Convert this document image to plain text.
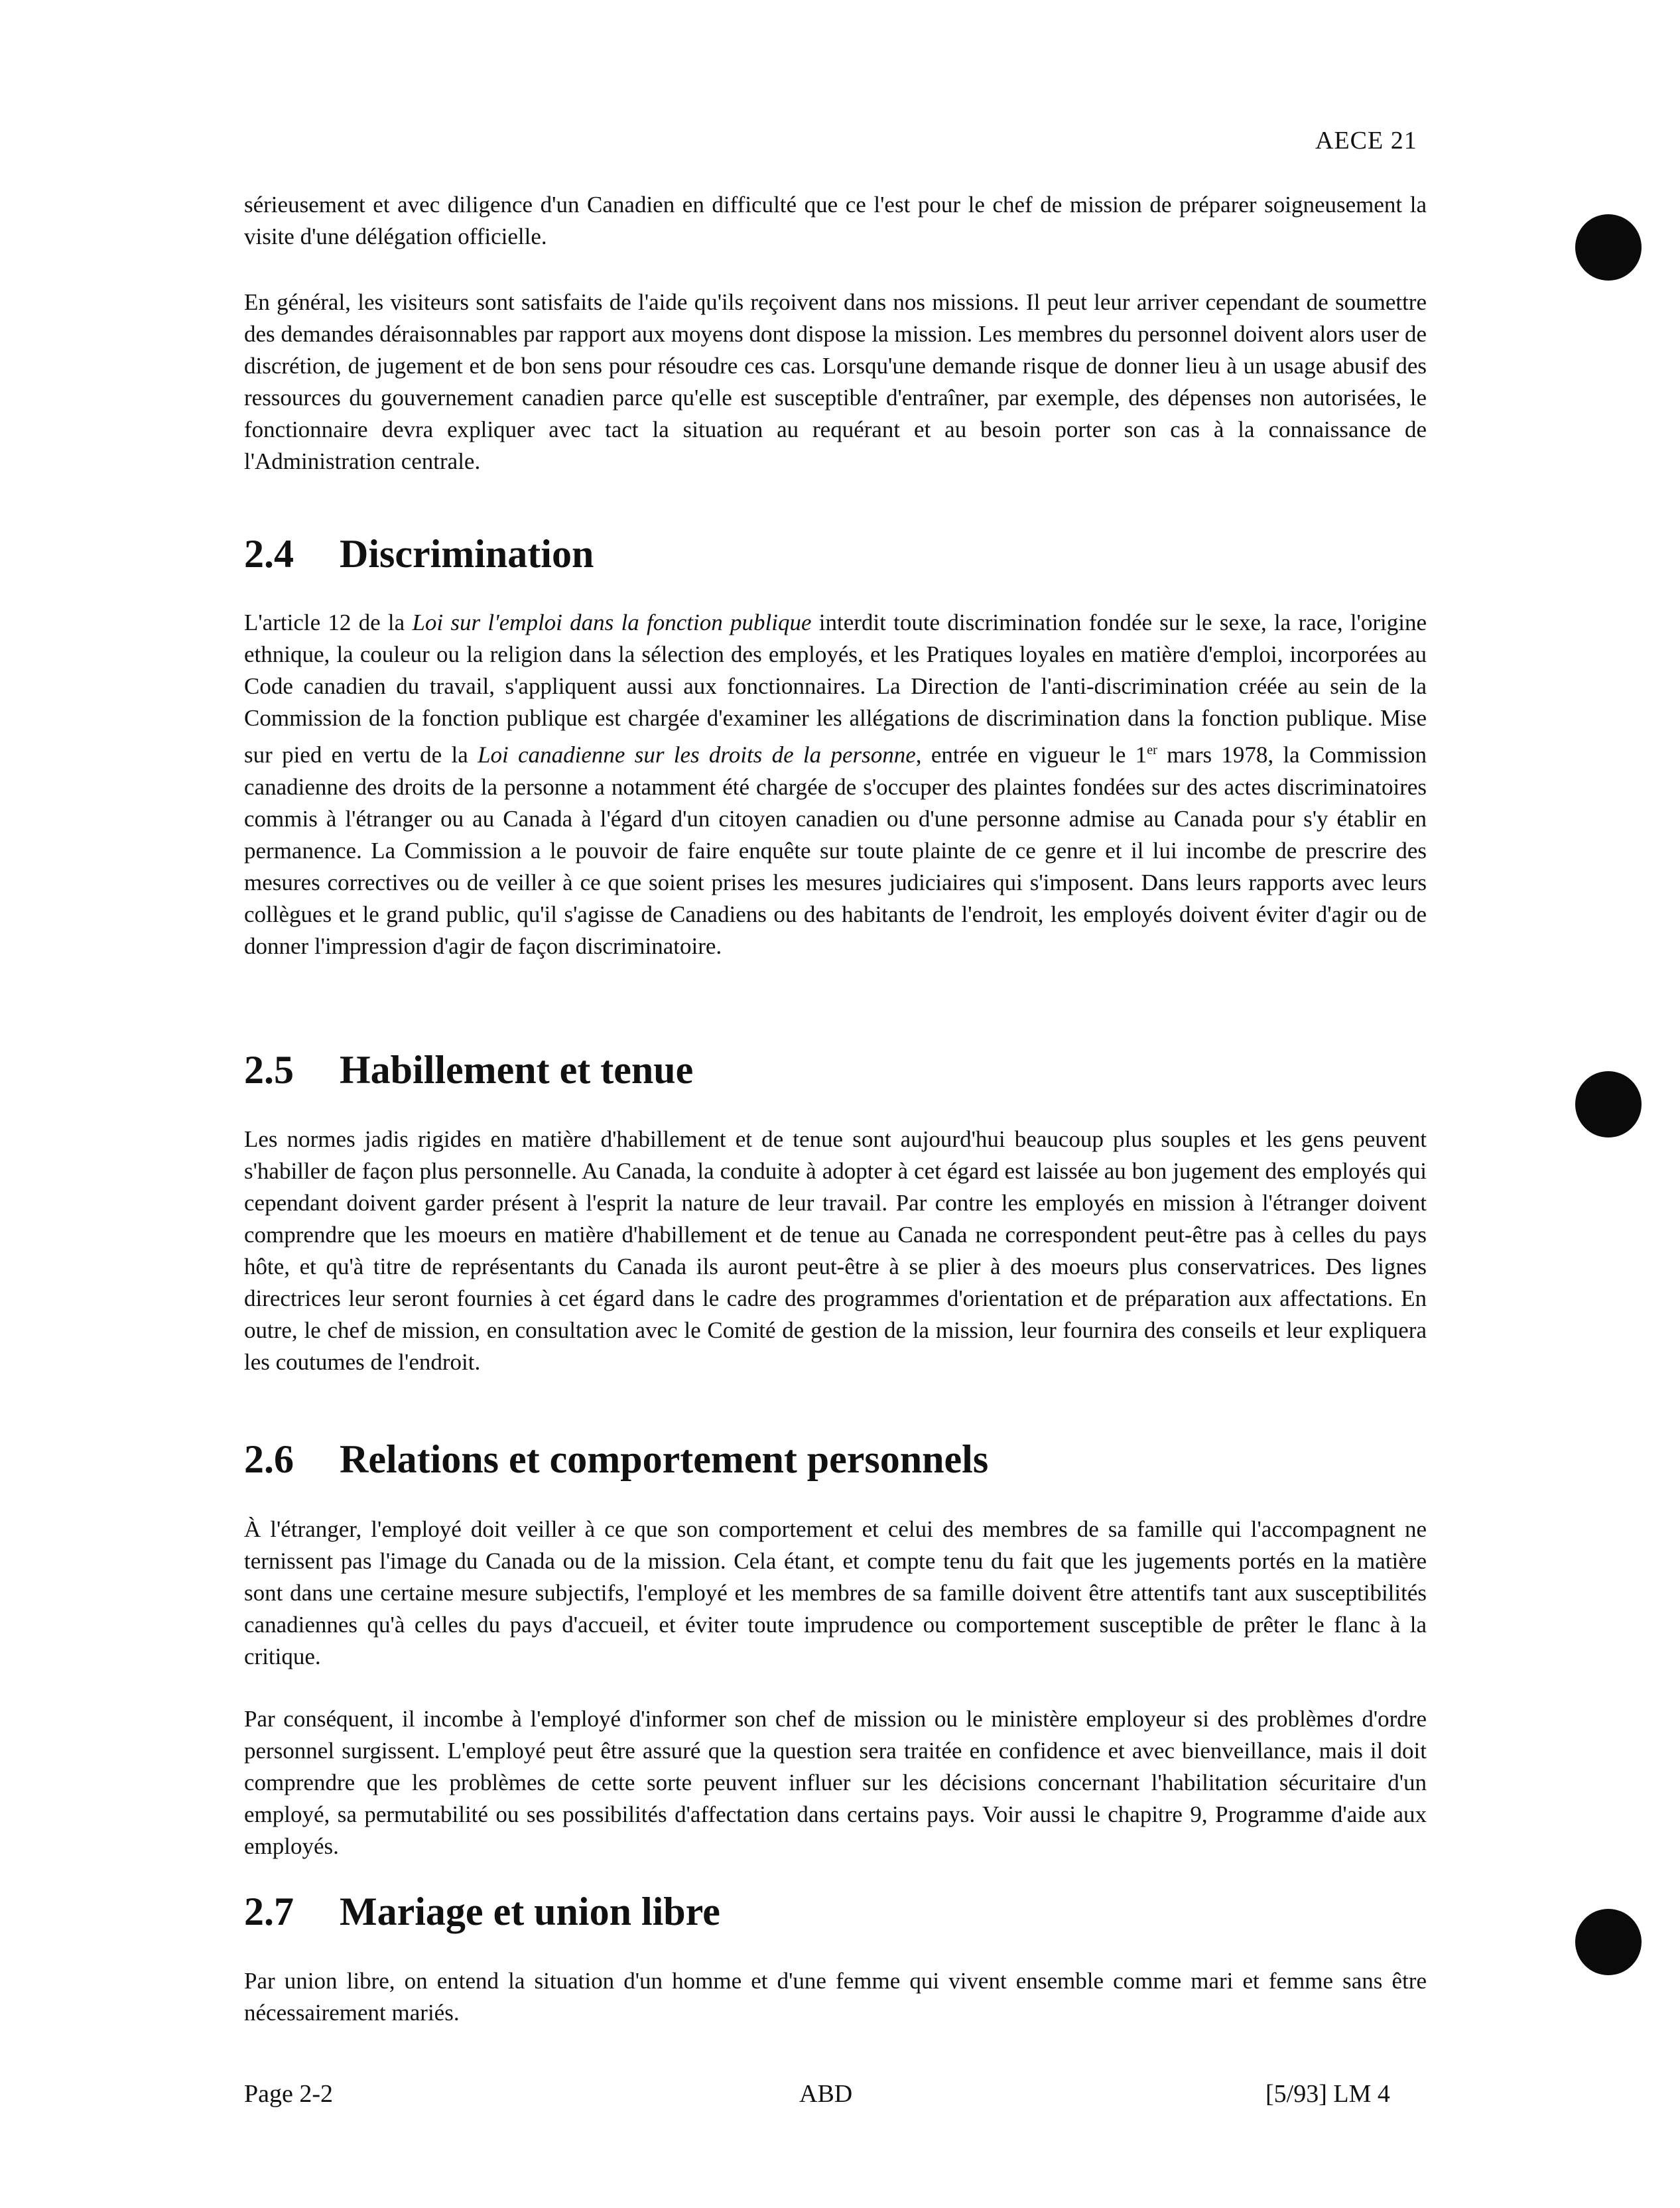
AECE 21

sérieusement et avec diligence d'un Canadien en difficulté que ce l'est pour le chef de mission de préparer soigneusement la visite d'une délégation officielle.

En général, les visiteurs sont satisfaits de l'aide qu'ils reçoivent dans nos missions. Il peut leur arriver cependant de soumettre des demandes déraisonnables par rapport aux moyens dont dispose la mission. Les membres du personnel doivent alors user de discrétion, de jugement et de bon sens pour résoudre ces cas. Lorsqu'une demande risque de donner lieu à un usage abusif des ressources du gouvernement canadien parce qu'elle est susceptible d'entraîner, par exemple, des dépenses non autorisées, le fonctionnaire devra expliquer avec tact la situation au requérant et au besoin porter son cas à la connaissance de l'Administration centrale.

2.4 Discrimination

L'article 12 de la Loi sur l'emploi dans la fonction publique interdit toute discrimination fondée sur le sexe, la race, l'origine ethnique, la couleur ou la religion dans la sélection des employés, et les Pratiques loyales en matière d'emploi, incorporées au Code canadien du travail, s'appliquent aussi aux fonctionnaires. La Direction de l'anti-discrimination créée au sein de la Commission de la fonction publique est chargée d'examiner les allégations de discrimination dans la fonction publique. Mise sur pied en vertu de la Loi canadienne sur les droits de la personne, entrée en vigueur le 1er mars 1978, la Commission canadienne des droits de la personne a notamment été chargée de s'occuper des plaintes fondées sur des actes discriminatoires commis à l'étranger ou au Canada à l'égard d'un citoyen canadien ou d'une personne admise au Canada pour s'y établir en permanence. La Commission a le pouvoir de faire enquête sur toute plainte de ce genre et il lui incombe de prescrire des mesures correctives ou de veiller à ce que soient prises les mesures judiciaires qui s'imposent. Dans leurs rapports avec leurs collègues et le grand public, qu'il s'agisse de Canadiens ou des habitants de l'endroit, les employés doivent éviter d'agir ou de donner l'impression d'agir de façon discriminatoire.

2.5 Habillement et tenue

Les normes jadis rigides en matière d'habillement et de tenue sont aujourd'hui beaucoup plus souples et les gens peuvent s'habiller de façon plus personnelle. Au Canada, la conduite à adopter à cet égard est laissée au bon jugement des employés qui cependant doivent garder présent à l'esprit la nature de leur travail. Par contre les employés en mission à l'étranger doivent comprendre que les moeurs en matière d'habillement et de tenue au Canada ne correspondent peut-être pas à celles du pays hôte, et qu'à titre de représentants du Canada ils auront peut-être à se plier à des moeurs plus conservatrices. Des lignes directrices leur seront fournies à cet égard dans le cadre des programmes d'orientation et de préparation aux affectations. En outre, le chef de mission, en consultation avec le Comité de gestion de la mission, leur fournira des conseils et leur expliquera les coutumes de l'endroit.

2.6 Relations et comportement personnels

À l'étranger, l'employé doit veiller à ce que son comportement et celui des membres de sa famille qui l'accompagnent ne ternissent pas l'image du Canada ou de la mission. Cela étant, et compte tenu du fait que les jugements portés en la matière sont dans une certaine mesure subjectifs, l'employé et les membres de sa famille doivent être attentifs tant aux susceptibilités canadiennes qu'à celles du pays d'accueil, et éviter toute imprudence ou comportement susceptible de prêter le flanc à la critique.

Par conséquent, il incombe à l'employé d'informer son chef de mission ou le ministère employeur si des problèmes d'ordre personnel surgissent. L'employé peut être assuré que la question sera traitée en confidence et avec bienveillance, mais il doit comprendre que les problèmes de cette sorte peuvent influer sur les décisions concernant l'habilitation sécuritaire d'un employé, sa permutabilité ou ses possibilités d'affectation dans certains pays. Voir aussi le chapitre 9, Programme d'aide aux employés.

2.7 Mariage et union libre

Par union libre, on entend la situation d'un homme et d'une femme qui vivent ensemble comme mari et femme sans être nécessairement mariés.

Page 2-2	ABD	[5/93] LM 4
